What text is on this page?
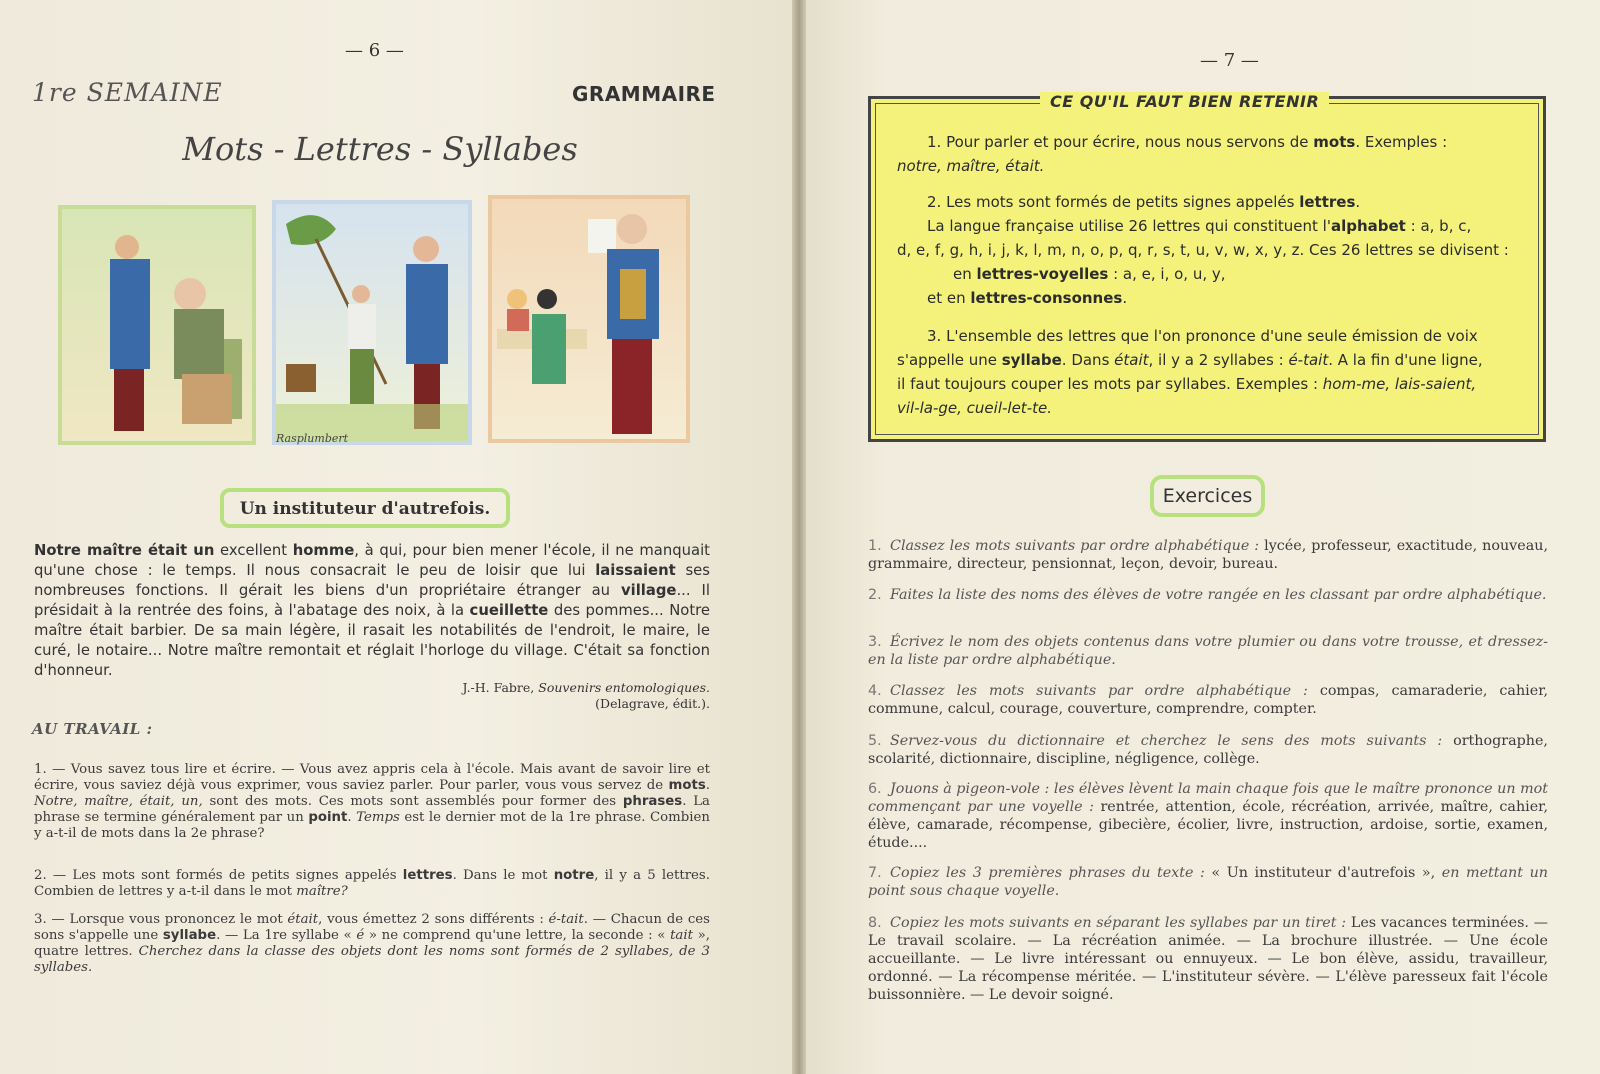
— 6 —
1re SEMAINE	GRAMMAIRE
Mots - Lettres - Syllabes
Rasplumbert
Un instituteur d'autrefois.
Notre maître était un excellent homme, à qui, pour bien mener l'école, il ne manquait qu'une chose : le temps. Il nous consacrait le peu de loisir que lui laissaient ses nombreuses fonctions. Il gérait les biens d'un propriétaire étranger au village... Il présidait à la rentrée des foins, à l'abatage des noix, à la cueillette des pommes... Notre maître était barbier. De sa main légère, il rasait les notabilités de l'endroit, le maire, le curé, le notaire... Notre maître remontait et réglait l'horloge du village. C'était sa fonction d'honneur.
J.-H. Fabre, Souvenirs entomologiques.
(Delagrave, édit.).
AU TRAVAIL :
1. — Vous savez tous lire et écrire. — Vous avez appris cela à l'école. Mais avant de savoir lire et écrire, vous saviez déjà vous exprimer, vous saviez parler. Pour parler, vous vous servez de mots. Notre, maître, était, un, sont des mots. Ces mots sont assemblés pour former des phrases. La phrase se termine généralement par un point. Temps est le dernier mot de la 1re phrase. Combien y a-t-il de mots dans la 2e phrase?
2. — Les mots sont formés de petits signes appelés lettres. Dans le mot notre, il y a 5 lettres. Combien de lettres y a-t-il dans le mot maître?
3. — Lorsque vous prononcez le mot était, vous émettez 2 sons différents : é-tait. — Chacun de ces sons s'appelle une syllabe. — La 1re syllabe « é » ne comprend qu'une lettre, la seconde : « tait », quatre lettres. Cherchez dans la classe des objets dont les noms sont formés de 2 syllabes, de 3 syllabes.
— 7 —
CE QU'IL FAUT BIEN RETENIR
1. Pour parler et pour écrire, nous nous servons de mots. Exemples :
notre, maître, était.
2. Les mots sont formés de petits signes appelés lettres.
La langue française utilise 26 lettres qui constituent l'alphabet : a, b, c,
d, e, f, g, h, i, j, k, l, m, n, o, p, q, r, s, t, u, v, w, x, y, z. Ces 26 lettres se divisent :
en lettres-voyelles : a, e, i, o, u, y,
et en lettres-consonnes.
3. L'ensemble des lettres que l'on prononce d'une seule émission de voix
s'appelle une syllabe. Dans était, il y a 2 syllabes : é-tait. A la fin d'une ligne,
il faut toujours couper les mots par syllabes. Exemples : hom-me, lais-saient,
vil-la-ge, cueil-let-te.
Exercices
1. Classez les mots suivants par ordre alphabétique : lycée, professeur, exactitude, nouveau, grammaire, directeur, pensionnat, leçon, devoir, bureau.
2. Faites la liste des noms des élèves de votre rangée en les classant par ordre alphabétique.
3. Écrivez le nom des objets contenus dans votre plumier ou dans votre trousse, et dressez-en la liste par ordre alphabétique.
4. Classez les mots suivants par ordre alphabétique : compas, camaraderie, cahier, commune, calcul, courage, couverture, comprendre, compter.
5. Servez-vous du dictionnaire et cherchez le sens des mots suivants : orthographe, scolarité, dictionnaire, discipline, négligence, collège.
6. Jouons à pigeon-vole : les élèves lèvent la main chaque fois que le maître prononce un mot commençant par une voyelle : rentrée, attention, école, récréation, arrivée, maître, cahier, élève, camarade, récompense, gibecière, écolier, livre, instruction, ardoise, sortie, examen, étude....
7. Copiez les 3 premières phrases du texte : « Un instituteur d'autrefois », en mettant un point sous chaque voyelle.
8. Copiez les mots suivants en séparant les syllabes par un tiret : Les vacances terminées. — Le travail scolaire. — La récréation animée. — La brochure illustrée. — Une école accueillante. — Le livre intéressant ou ennuyeux. — Le bon élève, assidu, travailleur, ordonné. — La récompense méritée. — L'instituteur sévère. — L'élève paresseux fait l'école buissonnière. — Le devoir soigné.
